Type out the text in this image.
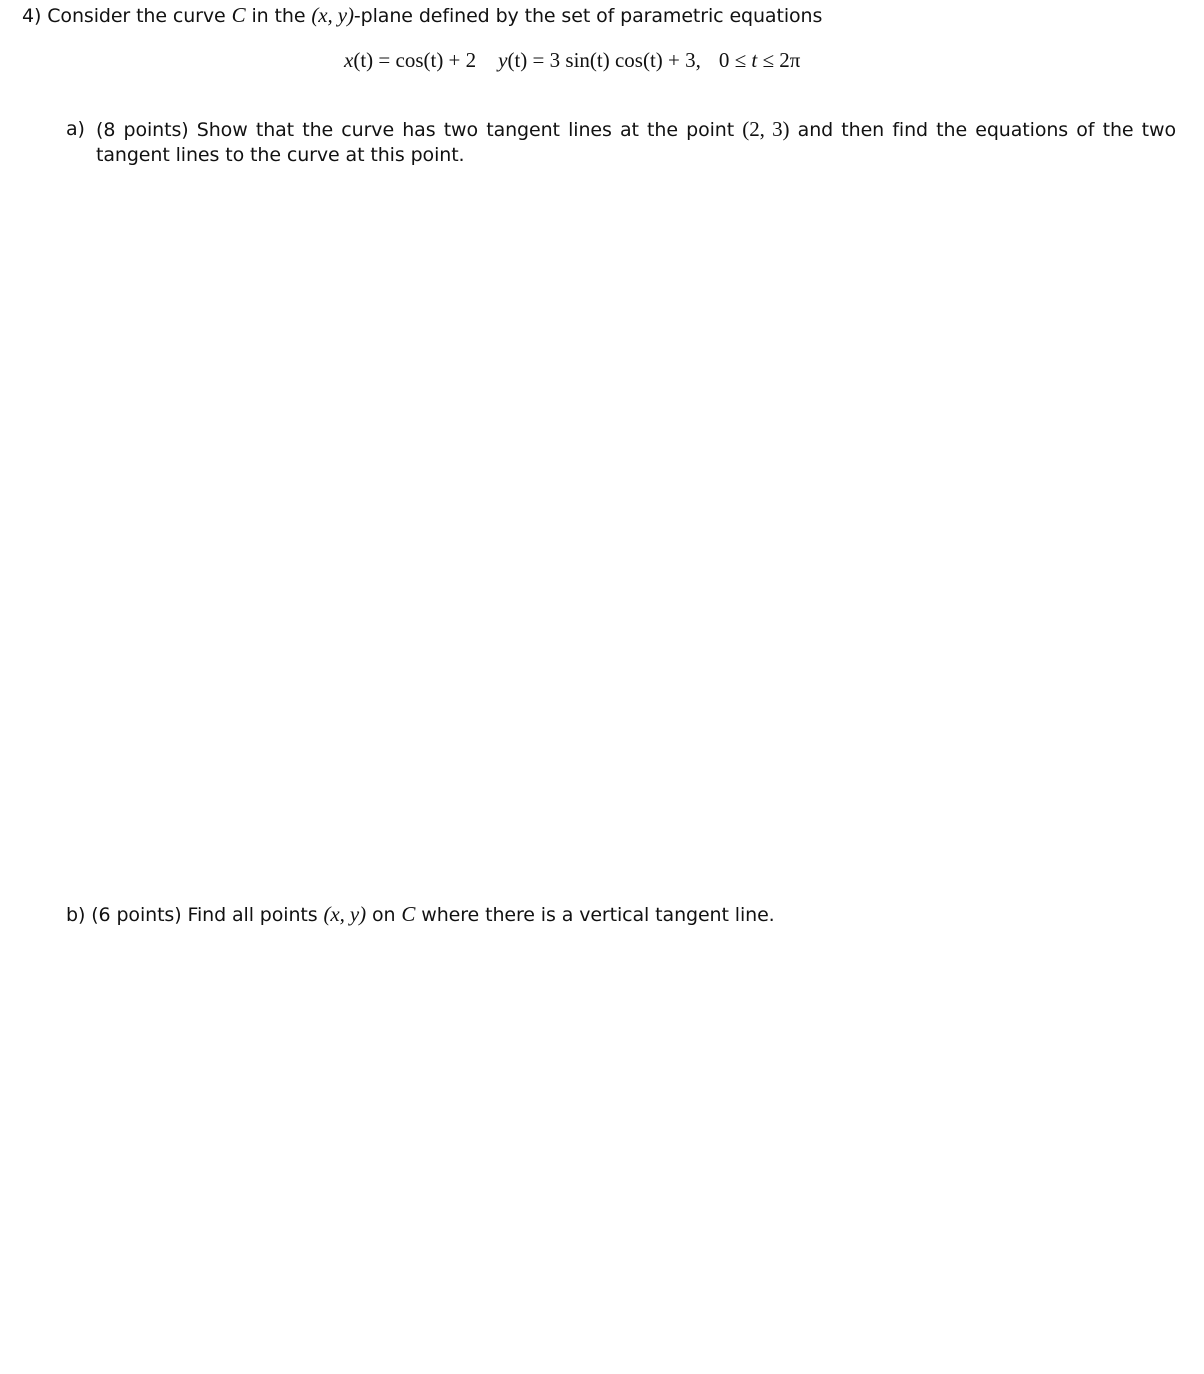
4) Consider the curve C in the (x, y)-plane defined by the set of parametric equations
x(t) = cos(t) + 2 y(t) = 3 sin(t) cos(t) + 3, 0 ≤ t ≤ 2π
a) (8 points) Show that the curve has two tangent lines at the point (2, 3) and then find the equations of the two tangent lines to the curve at this point.
b) (6 points) Find all points (x, y) on C where there is a vertical tangent line.
